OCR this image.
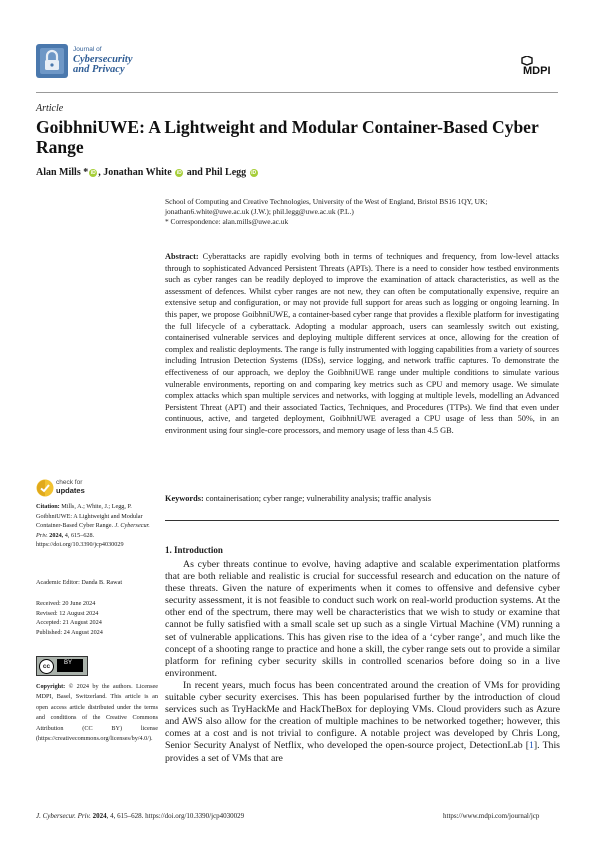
Journal of
Cybersecurity
and Privacy	MDPI
Article
GoibhniUWE: A Lightweight and Modular Container-Based Cyber Range
Alan Mills * iD , Jonathan White iD and Phil Legg iD
School of Computing and Creative Technologies, University of the West of England, Bristol BS16 1QY, UK;
jonathan6.white@uwe.ac.uk (J.W.); phil.legg@uwe.ac.uk (P.L.)
* Correspondence: alan.mills@uwe.ac.uk
Abstract: Cyberattacks are rapidly evolving both in terms of techniques and frequency, from low-level attacks through to sophisticated Advanced Persistent Threats (APTs). There is a need to consider how testbed environments such as cyber ranges can be readily deployed to improve the examination of attack characteristics, as well as the assessment of defences. Whilst cyber ranges are not new, they can often be computationally expensive, require an extensive setup and configuration, or may not provide full support for areas such as logging or ongoing learning. In this paper, we propose GoibhniUWE, a container-based cyber range that provides a flexible platform for investigating the full lifecycle of a cyberattack. Adopting a modular approach, users can seamlessly switch out existing, containerised vulnerable services and deploying multiple different services at once, allowing for the creation of complex and realistic deployments. The range is fully instrumented with logging capabilities from a variety of sources including Intrusion Detection Systems (IDSs), service logging, and network traffic captures. To demonstrate the effectiveness of our approach, we deploy the GoibhniUWE range under multiple conditions to simulate various vulnerable environments, reporting on and comparing key metrics such as CPU and memory usage. We simulate complex attacks which span multiple services and networks, with logging at multiple levels, modelling an Advanced Persistent Threat (APT) and their associated Tactics, Techniques, and Procedures (TTPs). We find that even under continuous, active, and targeted deployment, GoibhniUWE averaged a CPU usage of less than 50%, in an environment using four single-core processors, and memory usage of less than 4.5 GB.
Keywords: containerisation; cyber range; vulnerability analysis; traffic analysis
check for
updates
Citation: Mills, A.; White, J.; Legg, P. GoibhniUWE: A Lightweight and Modular Container-Based Cyber Range. J. Cybersecur. Priv. 2024, 4, 615–628. https://doi.org/10.3390/jcp4030029
Academic Editor: Danda B. Rawat
Received: 20 June 2024
Revised: 12 August 2024
Accepted: 21 August 2024
Published: 24 August 2024
cc	BY
Copyright: © 2024 by the authors. Licensee MDPI, Basel, Switzerland. This article is an open access article distributed under the terms and conditions of the Creative Commons Attribution (CC BY) license (https://creativecommons.org/licenses/by/4.0/).
1. Introduction

As cyber threats continue to evolve, having adaptive and scalable experimentation platforms that are both reliable and realistic is crucial for successful research and education on the nature of these threats. Given the nature of experiments when it comes to offensive and defensive cyber security assessment, it is not feasible to conduct such work on real-world production systems. At the other end of the spectrum, there may well be characteristics that we wish to study or examine that cannot be fully satisfied with a small scale set up such as a single Virtual Machine (VM) running a set of vulnerable applications. This has given rise to the idea of a ‘cyber range’, and much like the concept of a shooting range to practice and hone a skill, the cyber range sets out to provide a similar platform for refining cyber security skills in controlled scenarios before doing so in a live environment.

In recent years, much focus has been concentrated around the creation of VMs for providing suitable cyber security exercises. This has been popularised further by the introduction of cloud services such as TryHackMe and HackTheBox for deploying VMs. Cloud providers such as Azure and AWS also allow for the creation of multiple machines to be networked together; however, this comes at a cost and is not trivial to configure. A notable project was developed by Chris Long, Senior Security Analyst of Netflix, who developed the open-source project, DetectionLab [1]. This provides a set of VMs that are

J. Cybersecur. Priv. 2024, 4, 615–628. https://doi.org/10.3390/jcp4030029	https://www.mdpi.com/journal/jcp
